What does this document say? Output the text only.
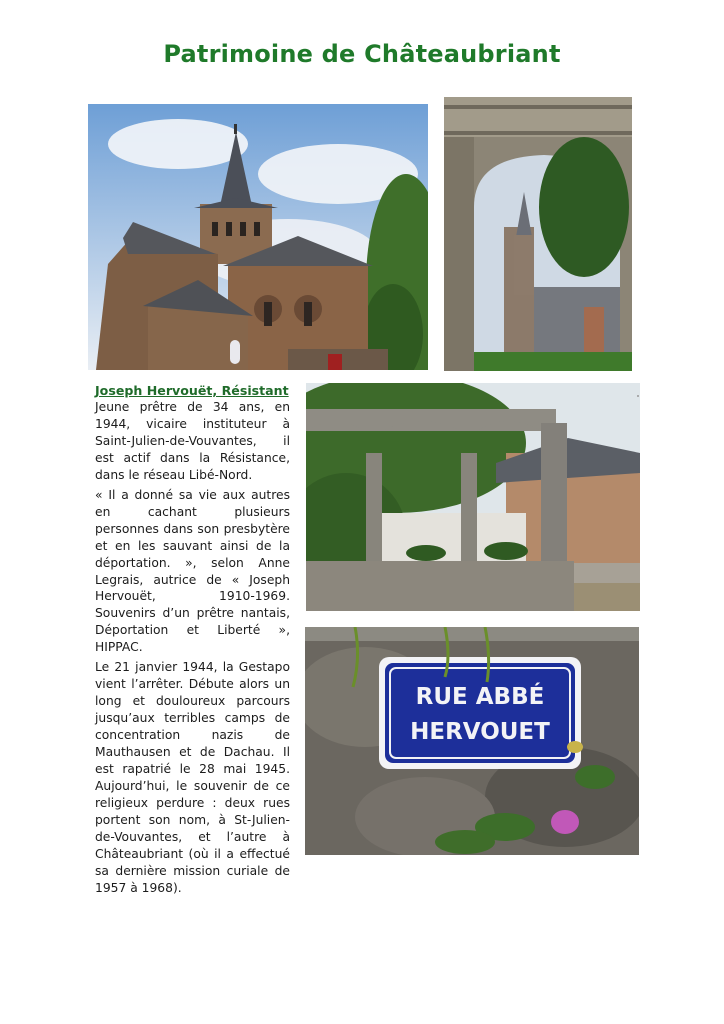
Patrimoine de Châteaubriant
RUE ABBÉ
HERVOUET
Joseph Hervouët, Résistant

Jeune prêtre de 34 ans, en 1944, vicaire instituteur à Saint-Julien-de-Vouvantes, il est actif dans la Résistance, dans le réseau Libé-Nord.

« Il a donné sa vie aux autres en cachant plusieurs personnes dans son presbytère et en les sauvant ainsi de la déportation. », selon Anne Legrais, autrice de « Joseph Hervouët, 1910-1969. Souvenirs d’un prêtre nantais, Déportation et Liberté », HIPPAC.

Le 21 janvier 1944, la Gestapo vient l’arrêter. Débute alors un long et douloureux parcours jusqu’aux terribles camps de concentration nazis de Mauthausen et de Dachau. Il est rapatrié le 28 mai 1945. Aujourd’hui, le souvenir de ce religieux perdure : deux rues portent son nom, à St-Julien-de-Vouvantes, et l’autre à Châteaubriant (où il a effectué sa dernière mission curiale de 1957 à 1968).
